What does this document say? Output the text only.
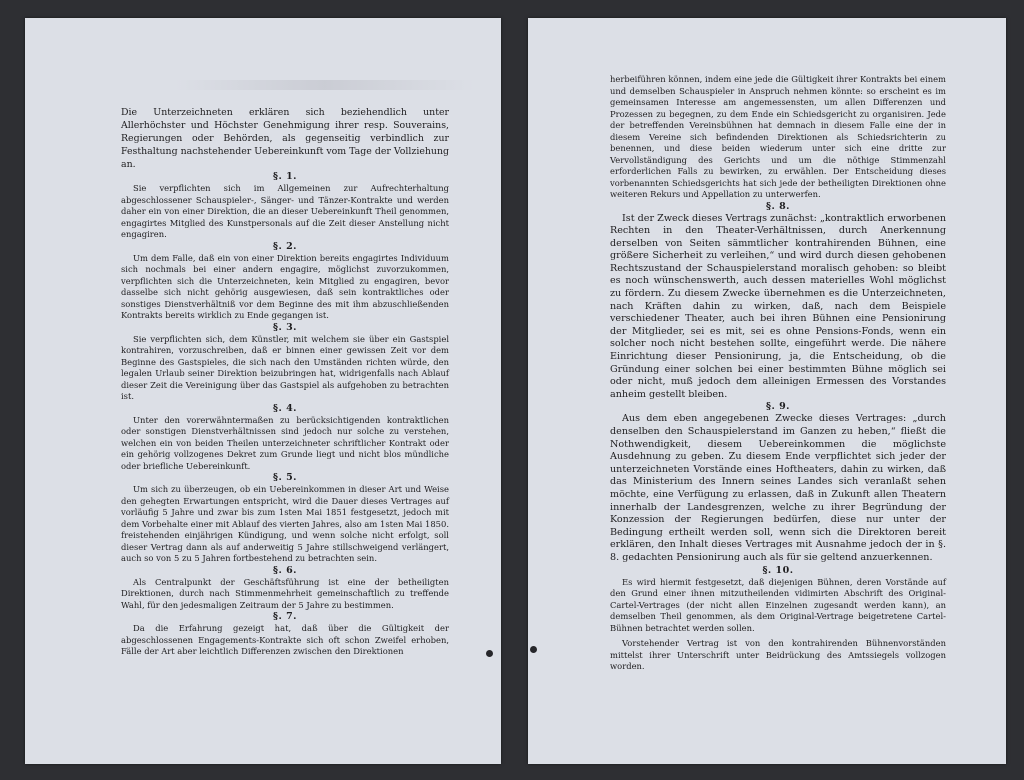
Die Unterzeichneten erklären sich beziehendlich unter Allerhöchster und Höchster Genehmigung ihrer resp. Souverains, Regierungen oder Behörden, als gegenseitig verbindlich zur Festhaltung nachstehender Uebereinkunft vom Tage der Vollziehung an.

§. 1.

Sie verpflichten sich im Allgemeinen zur Aufrechterhaltung abgeschlossener Schauspieler-, Sänger- und Tänzer-Kontrakte und werden daher ein von einer Direktion, die an dieser Uebereinkunft Theil genommen, engagirtes Mitglied des Kunstpersonals auf die Zeit dieser Anstellung nicht engagiren.

§. 2.

Um dem Falle, daß ein von einer Direktion bereits engagirtes Individuum sich nochmals bei einer andern engagire, möglichst zuvorzukommen, verpflichten sich die Unterzeichneten, kein Mitglied zu engagiren, bevor dasselbe sich nicht gehörig ausgewiesen, daß sein kontraktliches oder sonstiges Dienstverhältniß vor dem Beginne des mit ihm abzuschließenden Kontrakts bereits wirklich zu Ende gegangen ist.

§. 3.

Sie verpflichten sich, dem Künstler, mit welchem sie über ein Gastspiel kontrahiren, vorzuschreiben, daß er binnen einer gewissen Zeit vor dem Beginne des Gastspieles, die sich nach den Umständen richten würde, den legalen Urlaub seiner Direktion beizubringen hat, widrigenfalls nach Ablauf dieser Zeit die Vereinigung über das Gastspiel als aufgehoben zu betrachten ist.

§. 4.

Unter den vorerwähntermaßen zu berücksichtigenden kontraktlichen oder sonstigen Dienstverhältnissen sind jedoch nur solche zu verstehen, welchen ein von beiden Theilen unterzeichneter schriftlicher Kontrakt oder ein gehörig vollzogenes Dekret zum Grunde liegt und nicht blos mündliche oder briefliche Uebereinkunft.

§. 5.

Um sich zu überzeugen, ob ein Uebereinkommen in dieser Art und Weise den gehegten Erwartungen entspricht, wird die Dauer dieses Vertrages auf vorläufig 5 Jahre und zwar bis zum 1sten Mai 1851 festgesetzt, jedoch mit dem Vorbehalte einer mit Ablauf des vierten Jahres, also am 1sten Mai 1850. freistehenden einjährigen Kündigung, und wenn solche nicht erfolgt, soll dieser Vertrag dann als auf anderweitig 5 Jahre stillschweigend verlängert, auch so von 5 zu 5 Jahren fortbestehend zu betrachten sein.

§. 6.

Als Centralpunkt der Geschäftsführung ist eine der betheiligten Direktionen, durch nach Stimmenmehrheit gemeinschaftlich zu treffende Wahl, für den jedesmaligen Zeitraum der 5 Jahre zu bestimmen.

§. 7.

Da die Erfahrung gezeigt hat, daß über die Gültigkeit der abgeschlossenen Engagements-Kontrakte sich oft schon Zweifel erhoben, Fälle der Art aber leichtlich Differenzen zwischen den Direktionen

herbeiführen können, indem eine jede die Gültigkeit ihrer Kontrakts bei einem und demselben Schauspieler in Anspruch nehmen könnte: so erscheint es im gemeinsamen Interesse am angemessensten, um allen Differenzen und Prozessen zu begegnen, zu dem Ende ein Schiedsgericht zu organisiren. Jede der betreffenden Vereinsbühnen hat demnach in diesem Falle eine der in diesem Vereine sich befindenden Direktionen als Schiedsrichterin zu benennen, und diese beiden wiederum unter sich eine dritte zur Vervollständigung des Gerichts und um die nöthige Stimmenzahl erforderlichen Falls zu bewirken, zu erwählen. Der Entscheidung dieses vorbenannten Schiedsgerichts hat sich jede der betheiligten Direktionen ohne weiteren Rekurs und Appellation zu unterwerfen.

§. 8.

Ist der Zweck dieses Vertrags zunächst: „kontraktlich erworbenen Rechten in den Theater-Verhältnissen, durch Anerkennung derselben von Seiten sämmtlicher kontrahirenden Bühnen, eine größere Sicherheit zu verleihen,“ und wird durch diesen gehobenen Rechtszustand der Schauspielerstand moralisch gehoben: so bleibt es noch wünschenswerth, auch dessen materielles Wohl möglichst zu fördern. Zu diesem Zwecke übernehmen es die Unterzeichneten, nach Kräften dahin zu wirken, daß, nach dem Beispiele verschiedener Theater, auch bei ihren Bühnen eine Pensionirung der Mitglieder, sei es mit, sei es ohne Pensions-Fonds, wenn ein solcher noch nicht bestehen sollte, eingeführt werde. Die nähere Einrichtung dieser Pensionirung, ja, die Entscheidung, ob die Gründung einer solchen bei einer bestimmten Bühne möglich sei oder nicht, muß jedoch dem alleinigen Ermessen des Vorstandes anheim gestellt bleiben.

§. 9.

Aus dem eben angegebenen Zwecke dieses Vertrages: „durch denselben den Schauspielerstand im Ganzen zu heben,“ fließt die Nothwendigkeit, diesem Uebereinkommen die möglichste Ausdehnung zu geben. Zu diesem Ende verpflichtet sich jeder der unterzeichneten Vorstände eines Hoftheaters, dahin zu wirken, daß das Ministerium des Innern seines Landes sich veranlaßt sehen möchte, eine Verfügung zu erlassen, daß in Zukunft allen Theatern innerhalb der Landesgrenzen, welche zu ihrer Begründung der Konzession der Regierungen bedürfen, diese nur unter der Bedingung ertheilt werden soll, wenn sich die Direktoren bereit erklären, den Inhalt dieses Vertrages mit Ausnahme jedoch der in §. 8. gedachten Pensionirung auch als für sie geltend anzuerkennen.

§. 10.

Es wird hiermit festgesetzt, daß diejenigen Bühnen, deren Vorstände auf den Grund einer ihnen mitzutheilenden vidimirten Abschrift des Original-Cartel-Vertrages (der nicht allen Einzelnen zugesandt werden kann), an demselben Theil genommen, als dem Original-Vertrage beigetretene Cartel-Bühnen betrachtet werden sollen.

Vorstehender Vertrag ist von den kontrahirenden Bühnenvorständen mittelst ihrer Unterschrift unter Beidrückung des Amtssiegels vollzogen worden.
